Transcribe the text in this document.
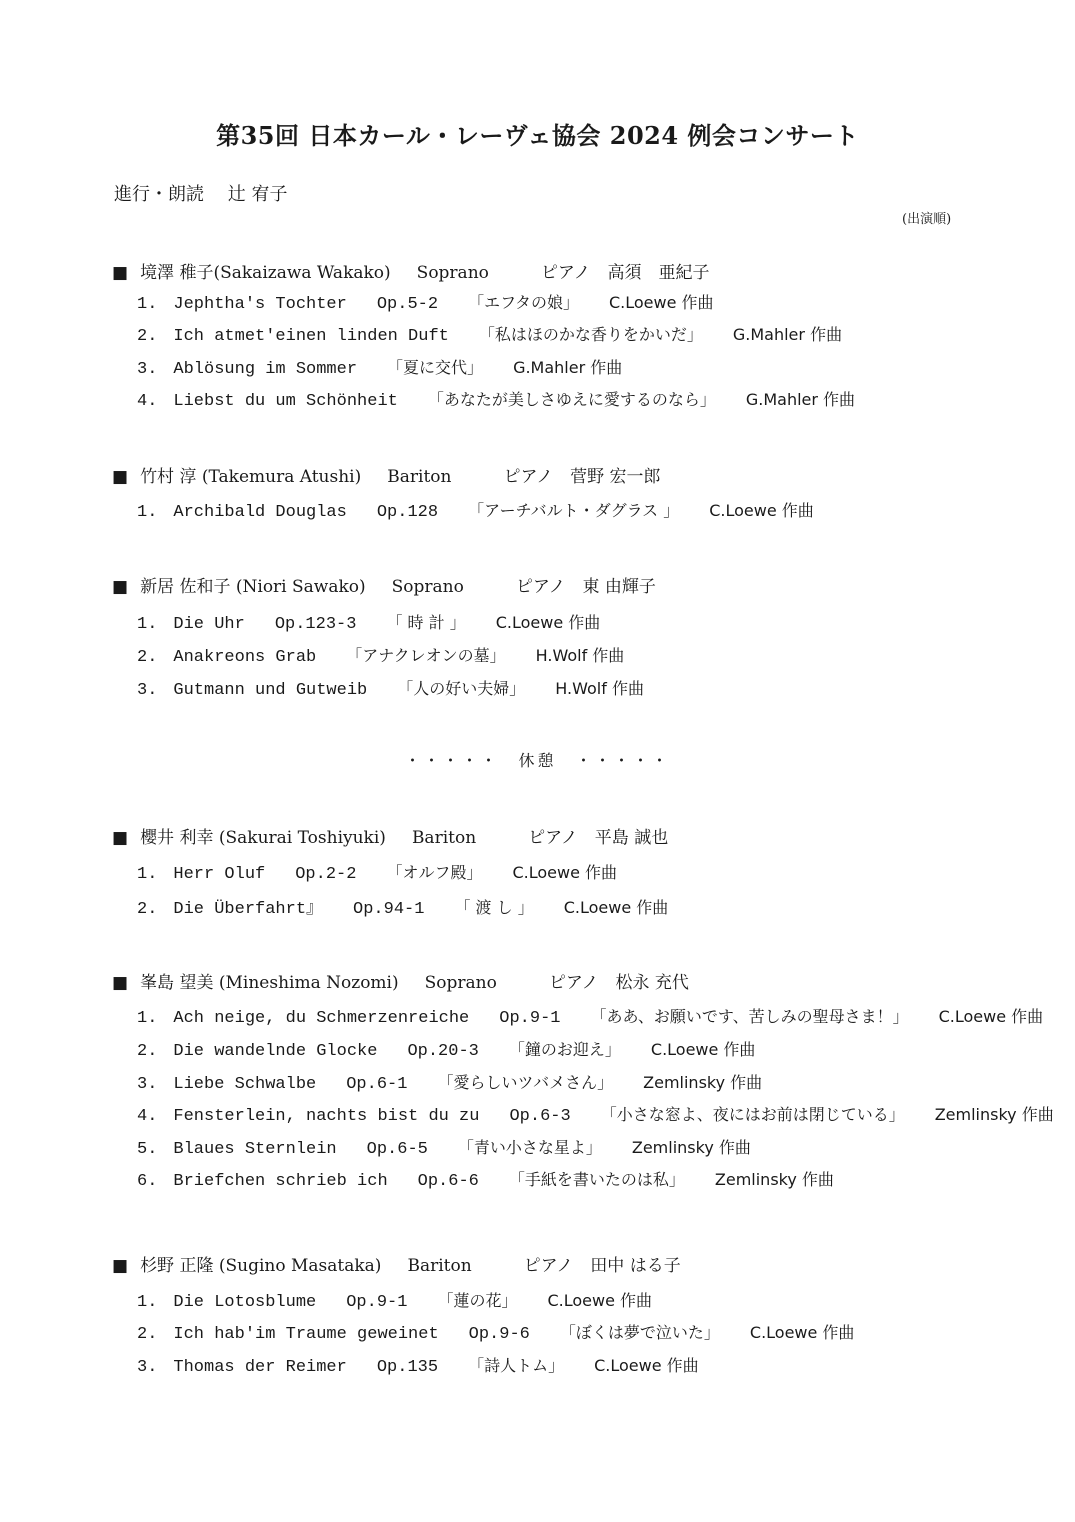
第35回 日本カール・レーヴェ協会 2024 例会コンサート
進行・朗読　 辻 宥子
(出演順)
■ 境澤 稚子(Sakaizawa Wakako) Soprano	ピアノ　高須　亜紀子
1. Jephtha's Tochter Op.5-2 「エフタの娘」 C.Loewe 作曲
2. Ich atmet'einen linden Duft 「私はほのかな香りをかいだ」 G.Mahler 作曲
3. Ablösung im Sommer 「夏に交代」 G.Mahler 作曲
4. Liebst du um Schönheit 「あなたが美しさゆえに愛するのなら」 G.Mahler 作曲
■ 竹村 淳 (Takemura Atushi) Bariton	ピアノ　菅野 宏一郎
1. Archibald Douglas Op.128 「アーチバルト・ダグラス 」 C.Loewe 作曲
■ 新居 佐和子 (Niori Sawako) Soprano	ピアノ　東 由輝子
1. Die Uhr Op.123-3 「 時 計 」 C.Loewe 作曲
2. Anakreons Grab 「アナクレオンの墓」 H.Wolf 作曲
3. Gutmann und Gutweib 「人の好い夫婦」 H.Wolf 作曲
■ 櫻井 利幸 (Sakurai Toshiyuki) Bariton	ピアノ　平島 誠也
1. Herr Oluf Op.2-2 「オルフ殿」 C.Loewe 作曲
2. Die Überfahrt』 Op.94-1 「 渡 し 」 C.Loewe 作曲
■ 峯島 望美 (Mineshima Nozomi) Soprano	ピアノ　松永 充代
1. Ach neige, du Schmerzenreiche Op.9-1 「ああ、お願いです、苦しみの聖母さま！」 C.Loewe 作曲
2. Die wandelnde Glocke Op.20-3 「鐘のお迎え」 C.Loewe 作曲
3. Liebe Schwalbe Op.6-1 「愛らしいツバメさん」 Zemlinsky 作曲
4. Fensterlein, nachts bist du zu Op.6-3 「小さな窓よ、夜にはお前は閉じている」 Zemlinsky 作曲
5. Blaues Sternlein Op.6-5 「青い小さな星よ」 Zemlinsky 作曲
6. Briefchen schrieb ich Op.6-6 「手紙を書いたのは私」 Zemlinsky 作曲
■ 杉野 正隆 (Sugino Masataka) Bariton	ピアノ　田中 はる子
1. Die Lotosblume Op.9-1 「蓮の花」 C.Loewe 作曲
2. Ich hab'im Traume geweinet Op.9-6 「ぼくは夢で泣いた」 C.Loewe 作曲
3. Thomas der Reimer Op.135 「詩人トム」 C.Loewe 作曲
・・・・・　休憩　・・・・・
